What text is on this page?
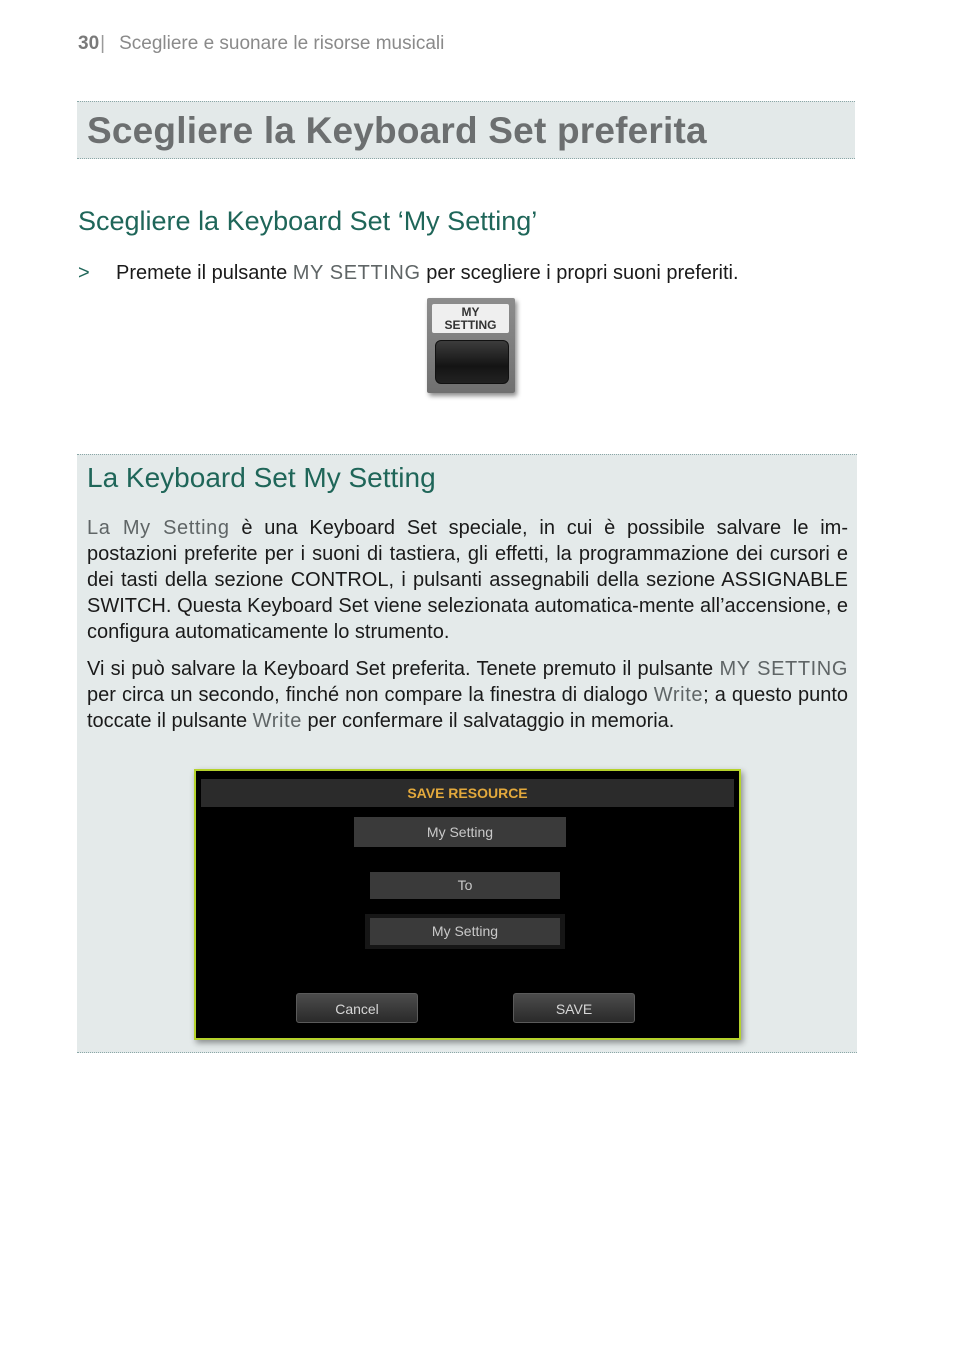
30| Scegliere e suonare le risorse musicali
Scegliere la Keyboard Set preferita
Scegliere la Keyboard Set ‘My Setting’
> Premete il pulsante MY SETTING per scegliere i propri suoni preferiti.
MY
SETTING
La Keyboard Set My Setting

La My Setting è una Keyboard Set speciale, in cui è possibile salvare le im-postazioni preferite per i suoni di tastiera, gli effetti, la programmazione dei cursori e dei tasti della sezione CONTROL, i pulsanti assegnabili della sezione ASSIGNABLE SWITCH. Questa Keyboard Set viene selezionata automatica-mente all’accensione, e configura automaticamente lo strumento.

Vi si può salvare la Keyboard Set preferita. Tenete premuto il pulsante MY SETTING per circa un secondo, finché non compare la finestra di dialogo Write; a questo punto toccate il pulsante Write per confermare il salvataggio in memoria.

SAVE RESOURCE
My Setting
To
My Setting
Cancel	SAVE
